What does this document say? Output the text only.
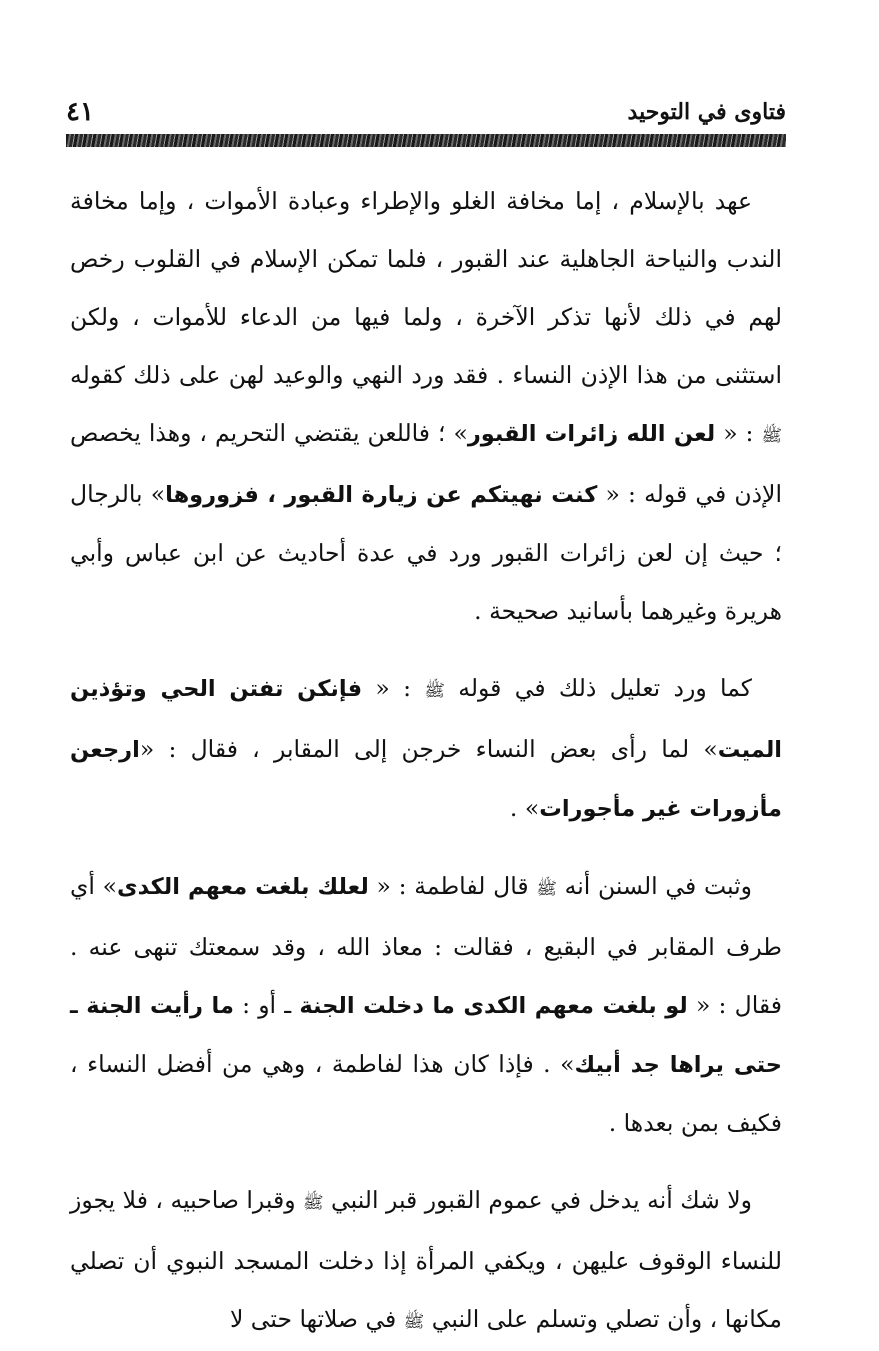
فتاوى في التوحيد
٤١

عهد بالإسلام ، إما مخافة الغلو والإطراء وعبادة الأموات ، وإما مخافة الندب والنياحة الجاهلية عند القبور ، فلما تمكن الإسلام في القلوب رخص لهم في ذلك لأنها تذكر الآخرة ، ولما فيها من الدعاء للأموات ، ولكن استثنى من هذا الإذن النساء . فقد ورد النهي والوعيد لهن على ذلك كقوله ﷺ : « لعن الله زائرات القبور» ؛ فاللعن يقتضي التحريم ، وهذا يخصص الإذن في قوله : « كنت نهيتكم عن زيارة القبور ، فزوروها» بالرجال ؛ حيث إن لعن زائرات القبور ورد في عدة أحاديث عن ابن عباس وأبي هريرة وغيرهما بأسانيد صحيحة .

كما ورد تعليل ذلك في قوله ﷺ : « فإنكن تفتن الحي وتؤذين الميت» لما رأى بعض النساء خرجن إلى المقابر ، فقال : «ارجعن مأزورات غير مأجورات» .

وثبت في السنن أنه ﷺ قال لفاطمة : « لعلك بلغت معهم الكدى» أي طرف المقابر في البقيع ، فقالت : معاذ الله ، وقد سمعتك تنهى عنه . فقال : « لو بلغت معهم الكدى ما دخلت الجنة ـ أو : ما رأيت الجنة ـ حتى يراها جد أبيك» . فإذا كان هذا لفاطمة ، وهي من أفضل النساء ، فكيف بمن بعدها .

ولا شك أنه يدخل في عموم القبور قبر النبي ﷺ وقبرا صاحبيه ، فلا يجوز للنساء الوقوف عليهن ، ويكفي المرأة إذا دخلت المسجد النبوي أن تصلي مكانها ، وأن تصلي وتسلم على النبي ﷺ في صلاتها حتى لا
